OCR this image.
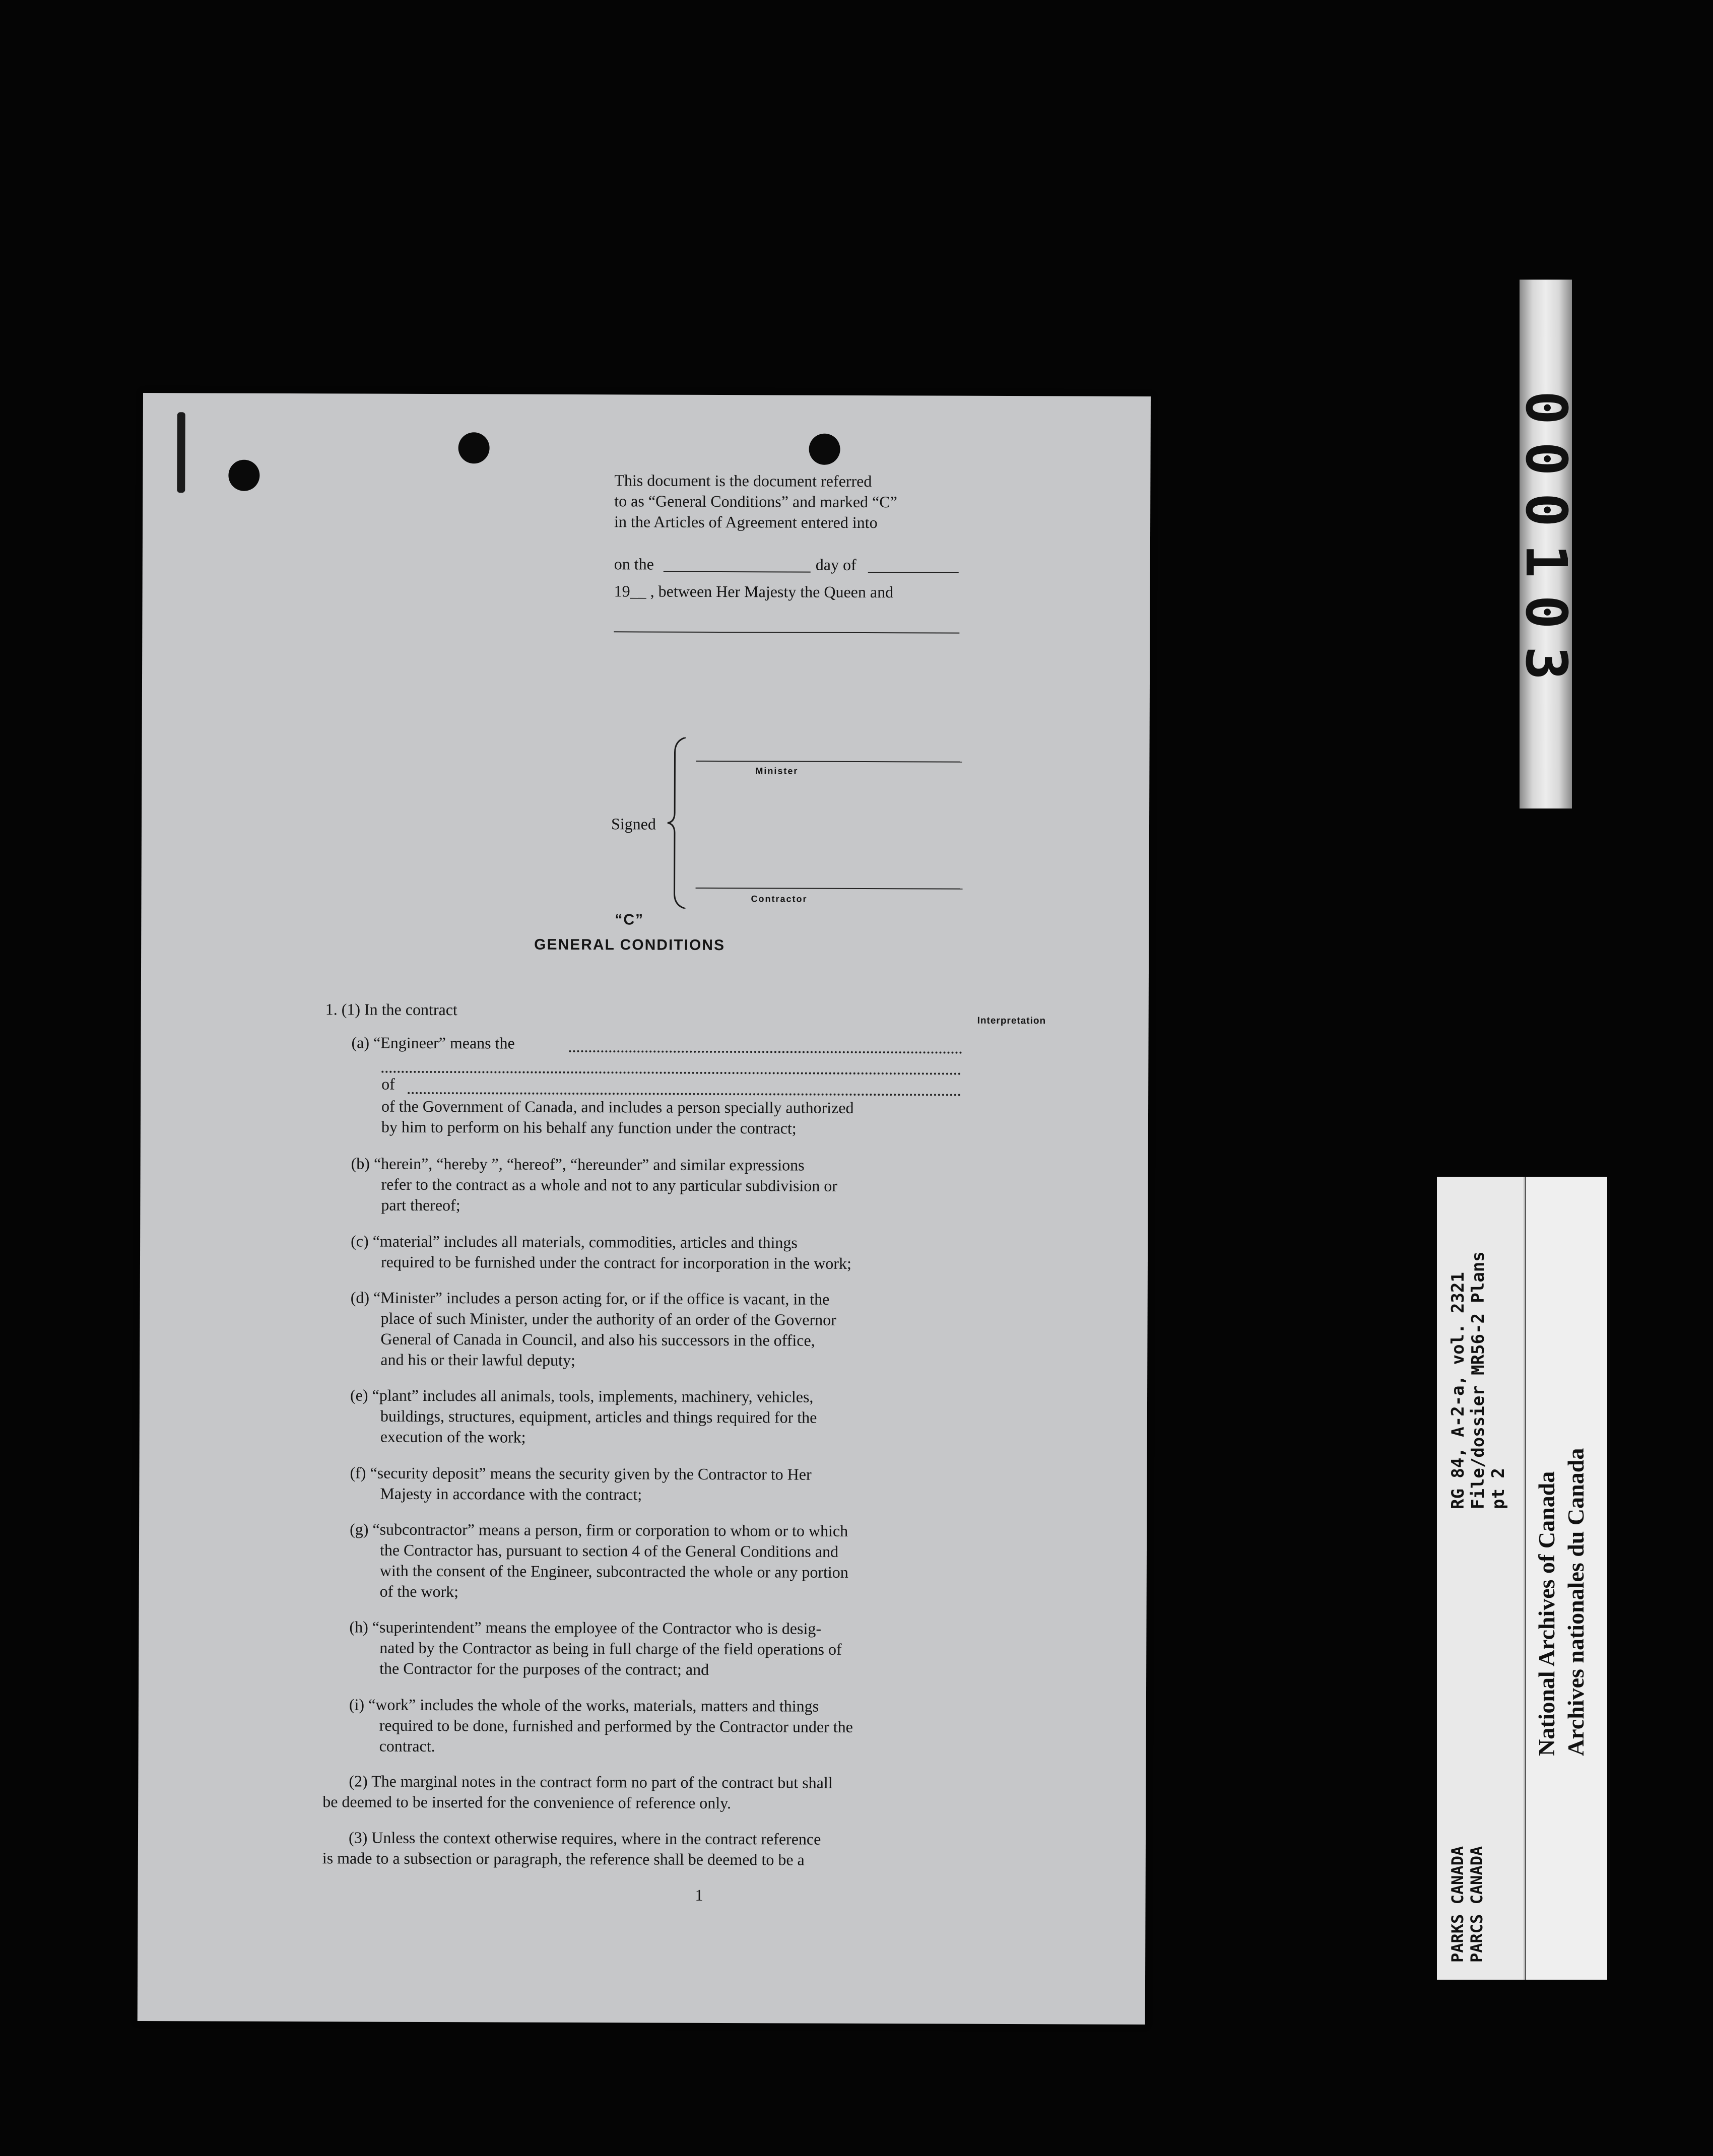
This document is the document referred
to as “General Conditions” and marked “C”
in the Articles of Agreement entered into
on the	day of
19__ , between Her Majesty the Queen and
Minister
Signed
Contractor
“C”
GENERAL CONDITIONS
Interpretation
1. (1) In the contract
(a) “Engineer” means the
of
of the Government of Canada, and includes a person specially authorized
by him to perform on his behalf any function under the contract;
(b) “herein”, “hereby ”, “hereof”, “hereunder” and similar expressions
refer to the contract as a whole and not to any particular subdivision or
part thereof;
(c) “material” includes all materials, commodities, articles and things
required to be furnished under the contract for incorporation in the work;
(d) “Minister” includes a person acting for, or if the office is vacant, in the
place of such Minister, under the authority of an order of the Governor
General of Canada in Council, and also his successors in the office,
and his or their lawful deputy;
(e) “plant” includes all animals, tools, implements, machinery, vehicles,
buildings, structures, equipment, articles and things required for the
execution of the work;
(f) “security deposit” means the security given by the Contractor to Her
Majesty in accordance with the contract;
(g) “subcontractor” means a person, firm or corporation to whom or to which
the Contractor has, pursuant to section 4 of the General Conditions and
with the consent of the Engineer, subcontracted the whole or any portion
of the work;
(h) “superintendent” means the employee of the Contractor who is desig-
nated by the Contractor as being in full charge of the field operations of
the Contractor for the purposes of the contract; and
(i) “work” includes the whole of the works, materials, matters and things
required to be done, furnished and performed by the Contractor under the
contract.
(2) The marginal notes in the contract form no part of the contract but shall
be deemed to be inserted for the convenience of reference only.
(3) Unless the context otherwise requires, where in the contract reference
is made to a subsection or paragraph, the reference shall be deemed to be a
1
000103
RG 84, A-2-a, vol. 2321 File/dossier MR56-2 Plans pt 2
PARKS CANADA PARCS CANADA
National Archives of Canada Archives nationales du Canada
